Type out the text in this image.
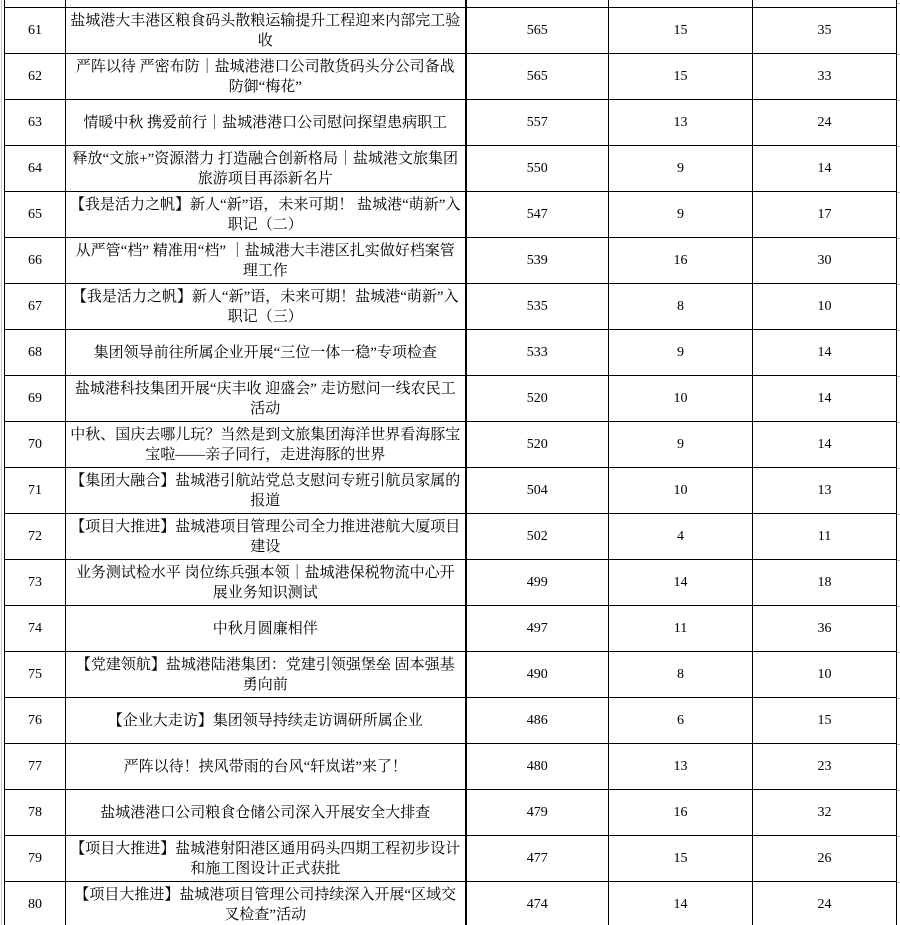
61	盐城港大丰港区粮食码头散粮运输提升工程迎来内部完工验收	565	15	35
62	严阵以待 严密布防｜盐城港港口公司散货码头分公司备战防御“梅花”	565	15	33
63	情暖中秋 携爱前行｜盐城港港口公司慰问探望患病职工	557	13	24
64	释放“文旅+”资源潜力 打造融合创新格局｜盐城港文旅集团旅游项目再添新名片	550	9	14
65	【我是活力之帆】新人“新”语，未来可期！ 盐城港“萌新”入职记（二）	547	9	17
66	从严管“档” 精准用“档” ｜盐城港大丰港区扎实做好档案管理工作	539	16	30
67	【我是活力之帆】新人“新”语，未来可期！盐城港“萌新”入职记（三）	535	8	10
68	集团领导前往所属企业开展“三位一体一稳”专项检查	533	9	14
69	盐城港科技集团开展“庆丰收 迎盛会” 走访慰问一线农民工活动	520	10	14
70	中秋、国庆去哪儿玩？当然是到文旅集团海洋世界看海豚宝宝啦——亲子同行，走进海豚的世界	520	9	14
71	【集团大融合】盐城港引航站党总支慰问专班引航员家属的报道	504	10	13
72	【项目大推进】盐城港项目管理公司全力推进港航大厦项目建设	502	4	11
73	业务测试检水平 岗位练兵强本领｜盐城港保税物流中心开展业务知识测试	499	14	18
74	中秋月圆廉相伴	497	11	36
75	【党建领航】盐城港陆港集团：党建引领强堡垒 固本强基勇向前	490	8	10
76	【企业大走访】集团领导持续走访调研所属企业	486	6	15
77	严阵以待！挟风带雨的台风“轩岚诺”来了！	480	13	23
78	盐城港港口公司粮食仓储公司深入开展安全大排查	479	16	32
79	【项目大推进】盐城港射阳港区通用码头四期工程初步设计和施工图设计正式获批	477	15	26
80	【项目大推进】盐城港项目管理公司持续深入开展“区域交叉检查”活动	474	14	24
